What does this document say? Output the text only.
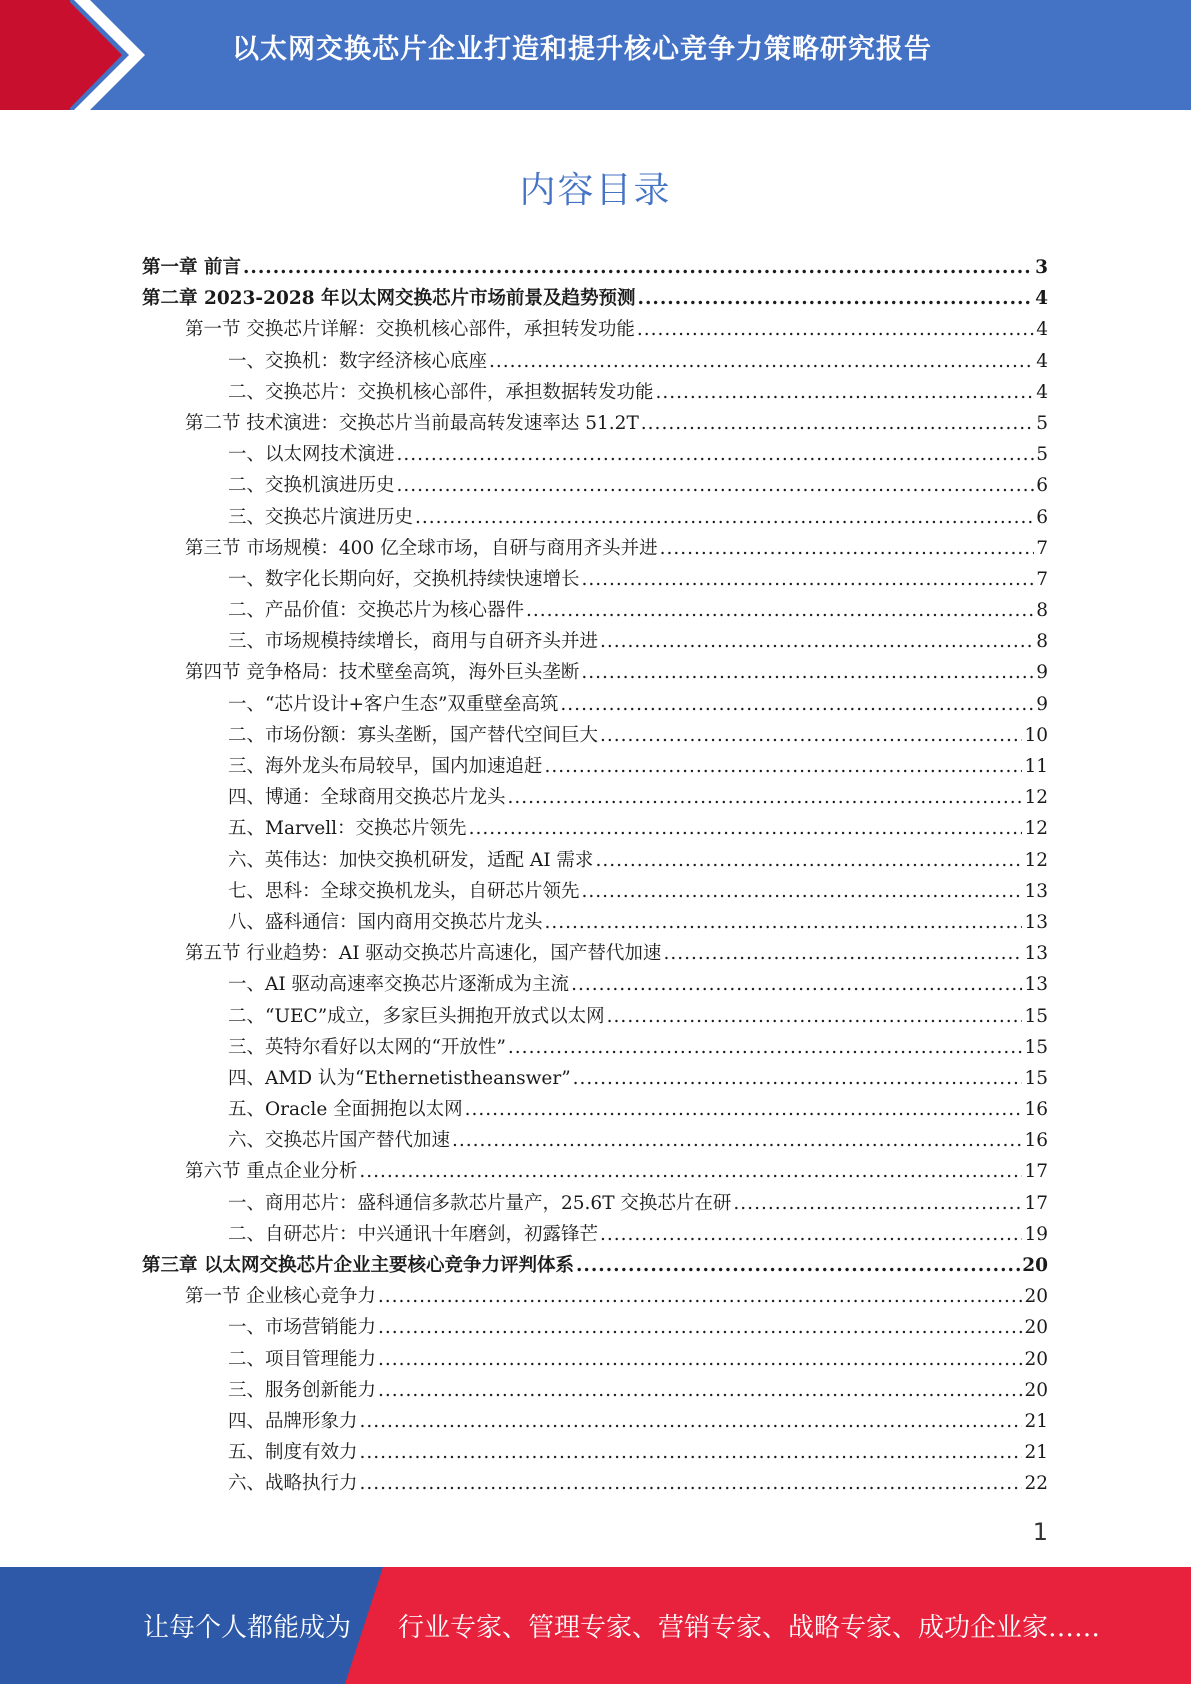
以太网交换芯片企业打造和提升核心竞争力策略研究报告
内容目录
第一章 前言 .....	3
第二章 2023-2028 年以太网交换芯片市场前景及趋势预测 .....	4
第一节 交换芯片详解：交换机核心部件，承担转发功能 .....	4
一、交换机：数字经济核心底座 .....	4
二、交换芯片：交换机核心部件，承担数据转发功能 .....	4
第二节 技术演进：交换芯片当前最高转发速率达 51.2T .....	5
一、以太网技术演进 .....	5
二、交换机演进历史 .....	6
三、交换芯片演进历史 .....	6
第三节 市场规模：400 亿全球市场，自研与商用齐头并进 .....	7
一、数字化长期向好，交换机持续快速增长 .....	7
二、产品价值：交换芯片为核心器件 .....	8
三、市场规模持续增长，商用与自研齐头并进 .....	8
第四节 竞争格局：技术壁垒高筑，海外巨头垄断 .....	9
一、“芯片设计+客户生态”双重壁垒高筑 .....	9
二、市场份额：寡头垄断，国产替代空间巨大 .....	10
三、海外龙头布局较早，国内加速追赶 .....	11
四、博通：全球商用交换芯片龙头 .....	12
五、Marvell：交换芯片领先 .....	12
六、英伟达：加快交换机研发，适配 AI 需求 .....	12
七、思科：全球交换机龙头，自研芯片领先 .....	13
八、盛科通信：国内商用交换芯片龙头 .....	13
第五节 行业趋势：AI 驱动交换芯片高速化，国产替代加速 .....	13
一、AI 驱动高速率交换芯片逐渐成为主流 .....	13
二、“UEC”成立，多家巨头拥抱开放式以太网 .....	15
三、英特尔看好以太网的“开放性” .....	15
四、AMD 认为“Ethernetistheanswer” .....	15
五、Oracle 全面拥抱以太网 .....	16
六、交换芯片国产替代加速 .....	16
第六节 重点企业分析 .....	17
一、商用芯片：盛科通信多款芯片量产，25.6T 交换芯片在研 .....	17
二、自研芯片：中兴通讯十年磨剑，初露锋芒 .....	19
第三章 以太网交换芯片企业主要核心竞争力评判体系 .....	20
第一节 企业核心竞争力 .....	20
一、市场营销能力 .....	20
二、项目管理能力 .....	20
三、服务创新能力 .....	20
四、品牌形象力 .....	21
五、制度有效力 .....	21
六、战略执行力 .....	22
1
让每个人都能成为 行业专家、管理专家、营销专家、战略专家、成功企业家……
